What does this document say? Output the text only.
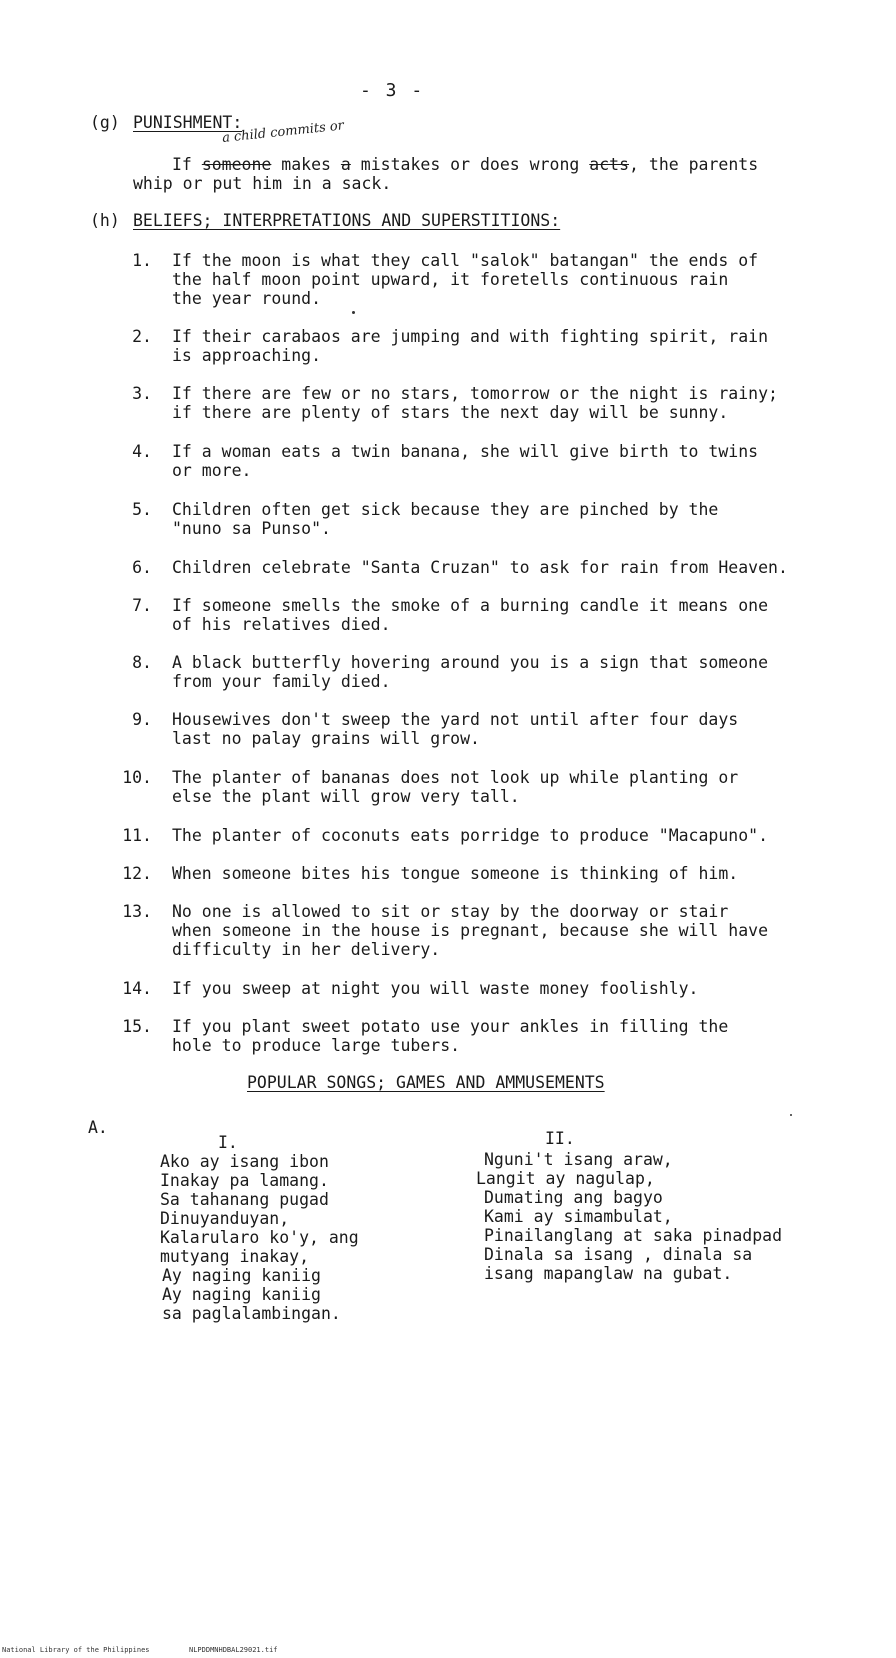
- 3 -
(g) PUNISHMENT:
a child commits or
If someone makes a mistakes or does wrong acts, the parents
whip or put him in a sack.
(h) BELIEFS; INTERPRETATIONS AND SUPERSTITIONS:
1. If the moon is what they call "salok" batangan" the ends of
the half moon point upward, it foretells continuous rain
the year round.
2. If their carabaos are jumping and with fighting spirit, rain
is approaching.
3. If there are few or no stars, tomorrow or the night is rainy;
if there are plenty of stars the next day will be sunny.
4. If a woman eats a twin banana, she will give birth to twins
or more.
5. Children often get sick because they are pinched by the
"nuno sa Punso".
6. Children celebrate "Santa Cruzan" to ask for rain from Heaven.
7. If someone smells the smoke of a burning candle it means one
of his relatives died.
8. A black butterfly hovering around you is a sign that someone
from your family died.
9. Housewives don't sweep the yard not until after four days
last no palay grains will grow.
10. The planter of bananas does not look up while planting or
else the plant will grow very tall.
11. The planter of coconuts eats porridge to produce "Macapuno".
12. When someone bites his tongue someone is thinking of him.
13. No one is allowed to sit or stay by the doorway or stair
when someone in the house is pregnant, because she will have
difficulty in her delivery.
14. If you sweep at night you will waste money foolishly.
15. If you plant sweet potato use your ankles in filling the
hole to produce large tubers.
POPULAR SONGS; GAMES AND AMMUSEMENTS
A.
I.	II.
Ako ay isang ibon
Inakay pa lamang.
Sa tahanang pugad
Dinuyanduyan,
Kalarularo ko'y, ang
mutyang inakay,
Ay naging kaniig
Ay naging kaniig
sa paglalambingan.
Nguni't isang araw,
Langit ay nagulap,
Dumating ang bagyo
Kami ay simambulat,
Pinailanglang at saka pinadpad
Dinala sa isang , dinala sa
isang mapanglaw na gubat.
National Library of the Philippines	NLPDDMNHDBAL29021.tif
